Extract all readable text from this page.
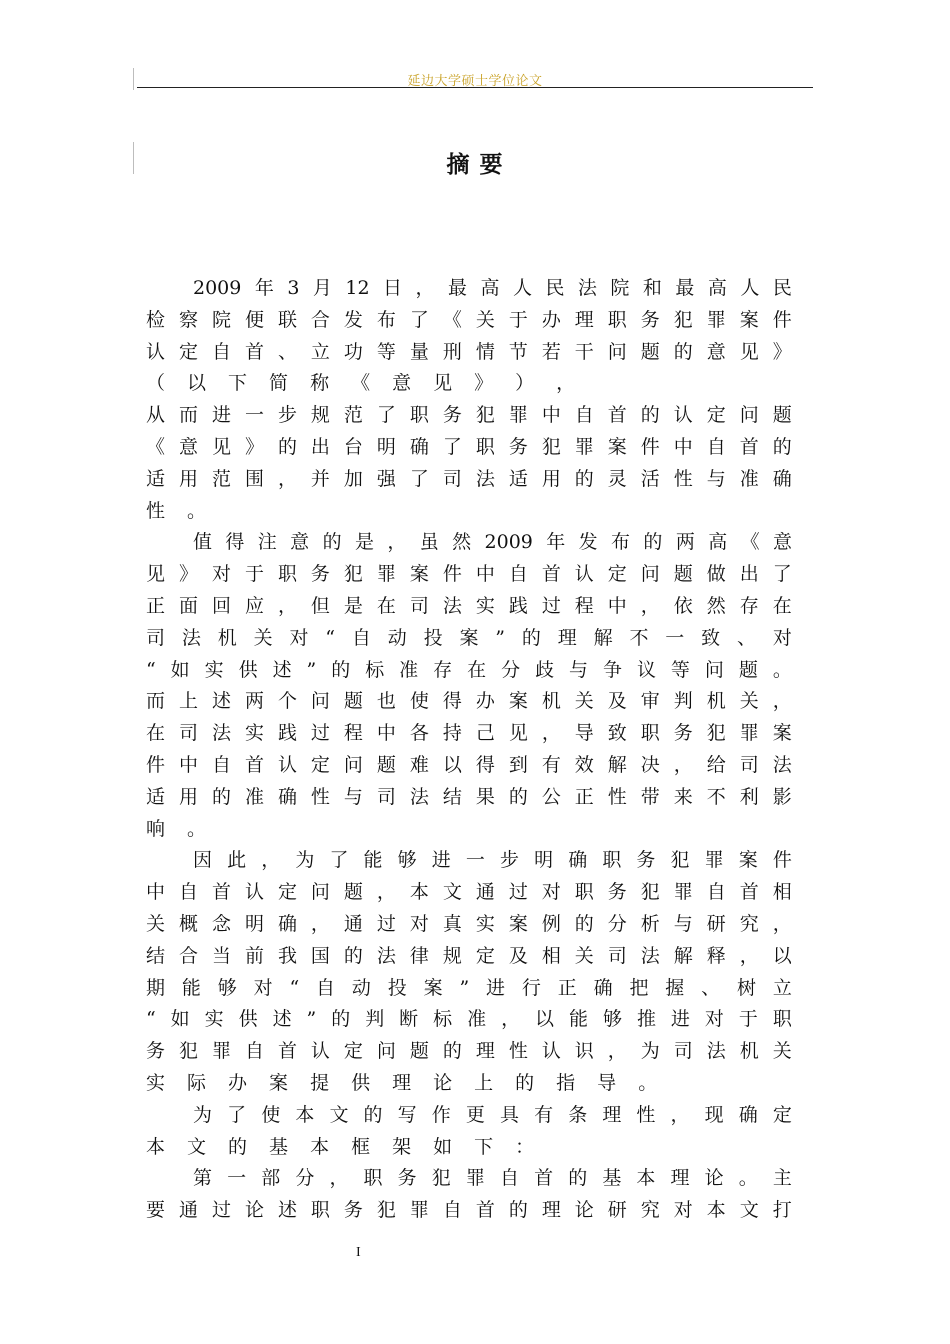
延边大学硕士学位论文
摘 要
2009 年 3 月 12 日 ， 最 高 人 民 法 院 和 最 高 人 民
检 察 院 便 联 合 发 布 了 《 关 于 办 理 职 务 犯 罪 案 件
认 定 自 首 、 立 功 等 量 刑 情 节 若 干 问 题 的 意 见 》
（ 以 下 简 称 《 意 见 》 ） ，
从 而 进 一 步 规 范 了 职 务 犯 罪 中 自 首 的 认 定 问 题
《 意 见 》 的 出 台 明 确 了 职 务 犯 罪 案 件 中 自 首 的
适 用 范 围 ， 并 加 强 了 司 法 适 用 的 灵 活 性 与 准 确
性 。
值 得 注 意 的 是 ， 虽 然 2009 年 发 布 的 两 高 《 意
见 》 对 于 职 务 犯 罪 案 件 中 自 首 认 定 问 题 做 出 了
正 面 回 应 ， 但 是 在 司 法 实 践 过 程 中 ， 依 然 存 在
司 法 机 关 对 “ 自 动 投 案 ” 的 理 解 不 一 致 、 对
“ 如 实 供 述 ” 的 标 准 存 在 分 歧 与 争 议 等 问 题 。
而 上 述 两 个 问 题 也 使 得 办 案 机 关 及 审 判 机 关 ，
在 司 法 实 践 过 程 中 各 持 己 见 ， 导 致 职 务 犯 罪 案
件 中 自 首 认 定 问 题 难 以 得 到 有 效 解 决 ， 给 司 法
适 用 的 准 确 性 与 司 法 结 果 的 公 正 性 带 来 不 利 影
响 。
因 此 ， 为 了 能 够 进 一 步 明 确 职 务 犯 罪 案 件
中 自 首 认 定 问 题 ， 本 文 通 过 对 职 务 犯 罪 自 首 相
关 概 念 明 确 ， 通 过 对 真 实 案 例 的 分 析 与 研 究 ，
结 合 当 前 我 国 的 法 律 规 定 及 相 关 司 法 解 释 ， 以
期 能 够 对 “ 自 动 投 案 ” 进 行 正 确 把 握 、 树 立
“ 如 实 供 述 ” 的 判 断 标 准 ， 以 能 够 推 进 对 于 职
务 犯 罪 自 首 认 定 问 题 的 理 性 认 识 ， 为 司 法 机 关
实 际 办 案 提 供 理 论 上 的 指 导 。
为 了 使 本 文 的 写 作 更 具 有 条 理 性 ， 现 确 定
本 文 的 基 本 框 架 如 下 ：
第 一 部 分 ， 职 务 犯 罪 自 首 的 基 本 理 论 。 主
要 通 过 论 述 职 务 犯 罪 自 首 的 理 论 研 究 对 本 文 打
I
